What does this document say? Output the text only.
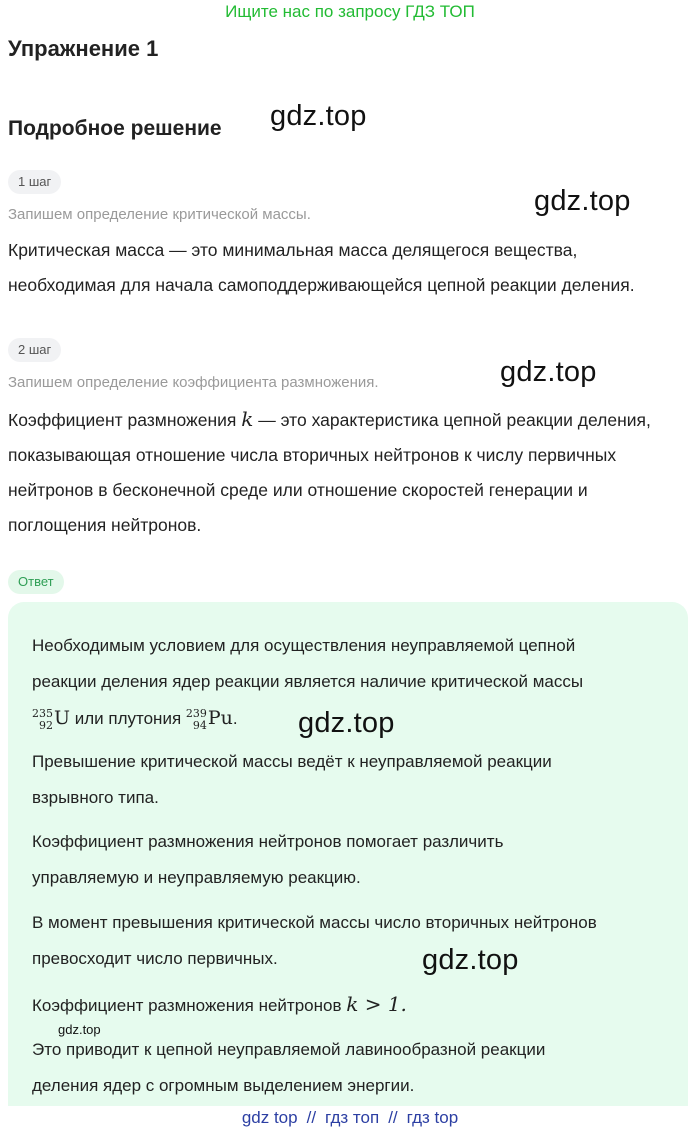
Ищите нас по запросу ГДЗ ТОП
Упражнение 1
Подробное решение gdz.top
1 шаг
Запишем определение критической массы.	gdz.top

Критическая масса — это минимальная масса делящегося вещества,

необходимая для начала самоподдерживающейся цепной реакции деления.

2 шаг
Запишем определение коэффициента размножения.	gdz.top

Коэффициент размножения k — это характеристика цепной реакции деления,

показывающая отношение числа вторичных нейтронов к числу первичных

нейтронов в бесконечной среде или отношение скоростей генерации и

поглощения нейтронов.

Ответ
Необходимым условием для осуществления неуправляемой цепной
реакции деления ядер реакции является наличие критической массы
235
92 U или плутония 239
94 Pu.
Превышение критической массы ведёт к неуправляемой реакции
взрывного типа.
Коэффициент размножения нейтронов помогает различить
управляемую и неуправляемую реакцию.
В момент превышения критической массы число вторичных нейтронов
превосходит число первичных.
Коэффициент размножения нейтронов k > 1.
Это приводит к цепной неуправляемой лавинообразной реакции
деления ядер с огромным выделением энергии.
gdz.top
gdz.top
gdz.top
gdz top // гдз топ // гдз top
